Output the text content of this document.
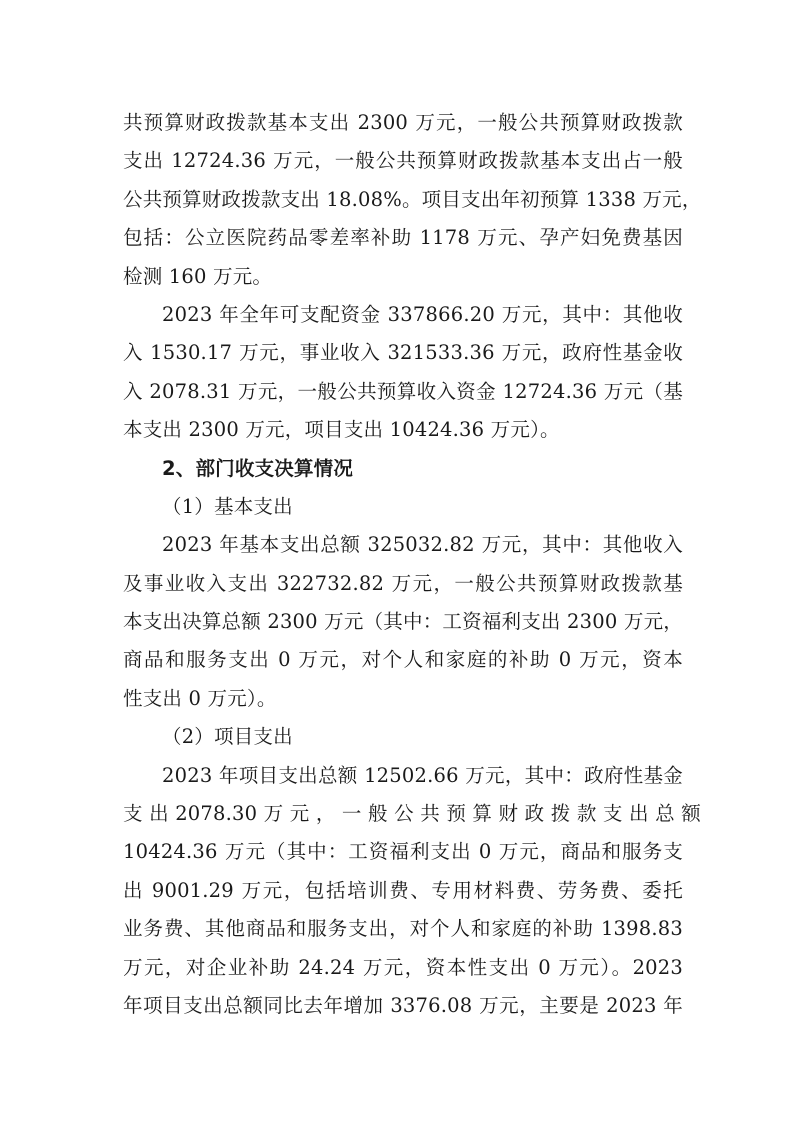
共预算财政拨款基本支出 2300 万元，一般公共预算财政拨款
支出 12724.36 万元，一般公共预算财政拨款基本支出占一般
公共预算财政拨款支出 18.08%。项目支出年初预算 1338 万元，
包括：公立医院药品零差率补助 1178 万元、孕产妇免费基因
检测 160 万元。
2023 年全年可支配资金 337866.20 万元，其中：其他收
入 1530.17 万元，事业收入 321533.36 万元，政府性基金收
入 2078.31 万元，一般公共预算收入资金 12724.36 万元（基
本支出 2300 万元，项目支出 10424.36 万元）。
2、部门收支决算情况
（1）基本支出
2023 年基本支出总额 325032.82 万元，其中：其他收入
及事业收入支出 322732.82 万元，一般公共预算财政拨款基
本支出决算总额 2300 万元（其中：工资福利支出 2300 万元，
商品和服务支出 0 万元，对个人和家庭的补助 0 万元，资本
性支出 0 万元）。
（2）项目支出
2023 年项目支出总额 12502.66 万元，其中：政府性基金
支 出 2078.30 万 元 ， 一 般 公 共 预 算 财 政 拨 款 支 出 总 额
10424.36 万元（其中：工资福利支出 0 万元，商品和服务支
出 9001.29 万元，包括培训费、专用材料费、劳务费、委托
业务费、其他商品和服务支出，对个人和家庭的补助 1398.83
万元，对企业补助 24.24 万元，资本性支出 0 万元）。2023
年项目支出总额同比去年增加 3376.08 万元，主要是 2023 年
